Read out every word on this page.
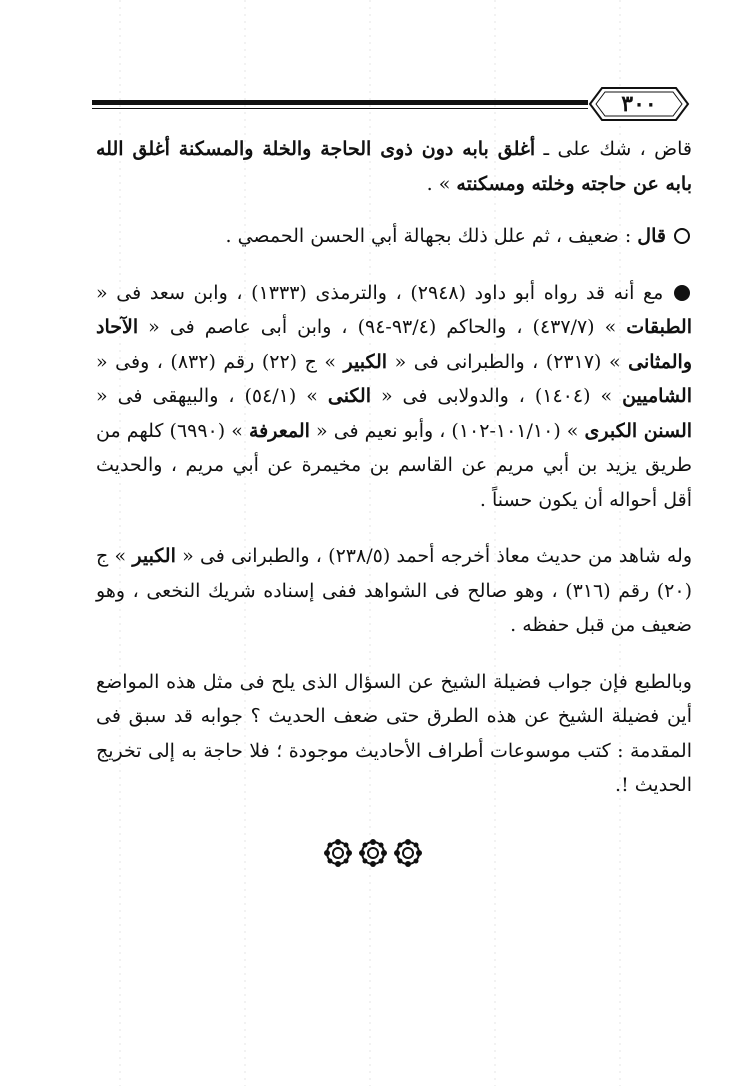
٣٠٠

قاض ، شك على ـ أغلق بابه دون ذوى الحاجة والخلة والمسكنة أغلق الله بابه عن حاجته وخلته ومسكنته » .

قال : ضعيف ، ثم علل ذلك بجهالة أبي الحسن الحمصي .

مع أنه قد رواه أبو داود (٢٩٤٨) ، والترمذى (١٣٣٣) ، وابن سعد فى « الطبقات » (٤٣٧/٧) ، والحاكم (٩٣/٤-٩٤) ، وابن أبى عاصم فى « الآحاد والمثانى » (٢٣١٧) ، والطبرانى فى « الكبير » ج (٢٢) رقم (٨٣٢) ، وفى « الشاميين » (١٤٠٤) ، والدولابى فى « الكنى » (٥٤/١) ، والبيهقى فى « السنن الكبرى » (١٠١/١٠-١٠٢) ، وأبو نعيم فى « المعرفة » (٦٩٩٠) كلهم من طريق يزيد بن أبي مريم عن القاسم بن مخيمرة عن أبي مريم ، والحديث أقل أحواله أن يكون حسناً .

وله شاهد من حديث معاذ أخرجه أحمد (٢٣٨/٥) ، والطبرانى فى « الكبير » ج (٢٠) رقم (٣١٦) ، وهو صالح فى الشواهد ففى إسناده شريك النخعى ، وهو ضعيف من قبل حفظه .

وبالطبع فإن جواب فضيلة الشيخ عن السؤال الذى يلح فى مثل هذه المواضع أين فضيلة الشيخ عن هذه الطرق حتى ضعف الحديث ؟ جوابه قد سبق فى المقدمة : كتب موسوعات أطراف الأحاديث موجودة ؛ فلا حاجة به إلى تخريج الحديث !.
